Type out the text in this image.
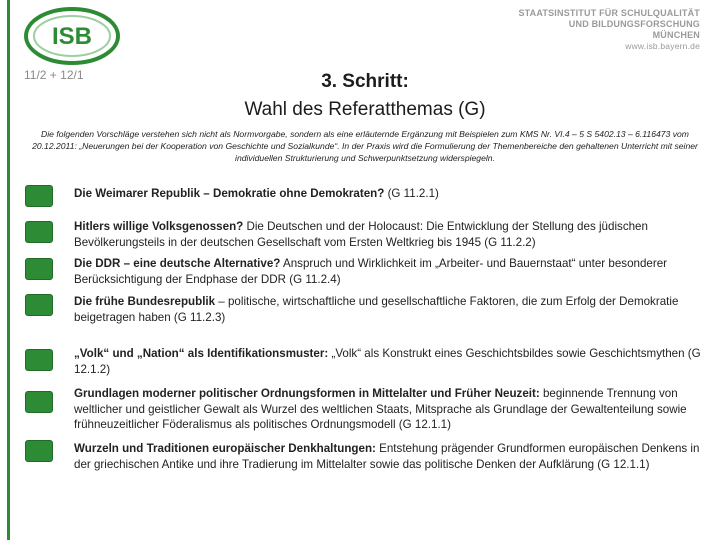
ISB
STAATSINSTITUT FÜR SCHULQUALITÄT
UND BILDUNGSFORSCHUNG
MÜNCHEN
www.isb.bayern.de
11/2 + 12/1	3. Schritt:
Wahl des Referatthemas (G)
Die folgenden Vorschläge verstehen sich nicht als Normvorgabe, sondern als eine erläuternde Ergänzung mit Beispielen zum KMS Nr. VI.4 – 5 S 5402.13 – 6.116473 vom 20.12.2011: „Neuerungen bei der Kooperation von Geschichte und Sozialkunde“. In der Praxis wird die Formulierung der Themenbereiche den gehaltenen Unterricht mit seiner individuellen Strukturierung und Schwerpunktsetzung widerspiegeln.
Die Weimarer Republik – Demokratie ohne Demokraten? (G 11.2.1)
Hitlers willige Volksgenossen? Die Deutschen und der Holocaust: Die Entwicklung der Stellung des jüdischen Bevölkerungsteils in der deutschen Gesellschaft vom Ersten Weltkrieg bis 1945 (G 11.2.2)
Die DDR – eine deutsche Alternative? Anspruch und Wirklichkeit im „Arbeiter- und Bauernstaat“ unter besonderer Berücksichtigung der Endphase der DDR (G 11.2.4)
Die frühe Bundesrepublik – politische, wirtschaftliche und gesellschaftliche Faktoren, die zum Erfolg der Demokratie beigetragen haben (G 11.2.3)
„Volk“ und „Nation“ als Identifikationsmuster: „Volk“ als Konstrukt eines Geschichtsbildes sowie Geschichtsmythen (G 12.1.2)
Grundlagen moderner politischer Ordnungsformen in Mittelalter und Früher Neuzeit: beginnende Trennung von weltlicher und geistlicher Gewalt als Wurzel des weltlichen Staats, Mitsprache als Grundlage der Gewaltenteilung sowie frühneuzeitlicher Föderalismus als politisches Ordnungsmodell (G 12.1.1)
Wurzeln und Traditionen europäischer Denkhaltungen: Entstehung prägender Grundformen europäischen Denkens in der griechischen Antike und ihre Tradierung im Mittelalter sowie das politische Denken der Aufklärung (G 12.1.1)
